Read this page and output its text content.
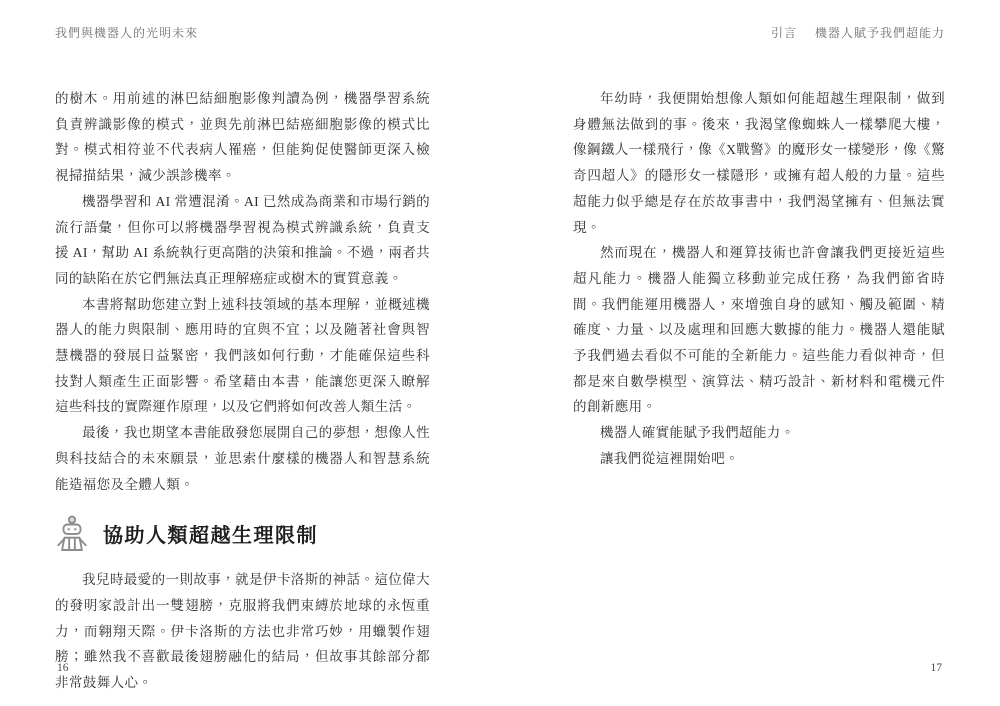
我們與機器人的光明未來

的樹木。用前述的淋巴結細胞影像判讀為例，機器學習系統負責辨識影像的模式，並與先前淋巴結癌細胞影像的模式比對。模式相符並不代表病人罹癌，但能夠促使醫師更深入檢視掃描結果，減少誤診機率。

機器學習和 AI 常遭混淆。AI 已然成為商業和市場行銷的流行語彙，但你可以將機器學習視為模式辨識系統，負責支援 AI，幫助 AI 系統執行更高階的決策和推論。不過，兩者共同的缺陷在於它們無法真正理解癌症或樹木的實質意義。

本書將幫助您建立對上述科技領域的基本理解，並概述機器人的能力與限制、應用時的宜與不宜；以及隨著社會與智慧機器的發展日益緊密，我們該如何行動，才能確保這些科技對人類產生正面影響。希望藉由本書，能讓您更深入瞭解這些科技的實際運作原理，以及它們將如何改善人類生活。

最後，我也期望本書能啟發您展開自己的夢想，想像人性與科技結合的未來願景，並思索什麼樣的機器人和智慧系統能造福您及全體人類。

協助人類超越生理限制

我兒時最愛的一則故事，就是伊卡洛斯的神話。這位偉大的發明家設計出一雙翅膀，克服將我們束縛於地球的永恆重力，而翱翔天際。伊卡洛斯的方法也非常巧妙，用蠟製作翅膀；雖然我不喜歡最後翅膀融化的結局，但故事其餘部分都非常鼓舞人心。

16
引言 機器人賦予我們超能力

年幼時，我便開始想像人類如何能超越生理限制，做到身體無法做到的事。後來，我渴望像蜘蛛人一樣攀爬大樓，像鋼鐵人一樣飛行，像《X戰警》的魔形女一樣變形，像《驚奇四超人》的隱形女一樣隱形，或擁有超人般的力量。這些超能力似乎總是存在於故事書中，我們渴望擁有、但無法實現。

然而現在，機器人和運算技術也許會讓我們更接近這些超凡能力。機器人能獨立移動並完成任務，為我們節省時間。我們能運用機器人，來增強自身的感知、觸及範圍、精確度、力量、以及處理和回應大數據的能力。機器人還能賦予我們過去看似不可能的全新能力。這些能力看似神奇，但都是來自數學模型、演算法、精巧設計、新材料和電機元件的創新應用。

機器人確實能賦予我們超能力。

讓我們從這裡開始吧。

17
